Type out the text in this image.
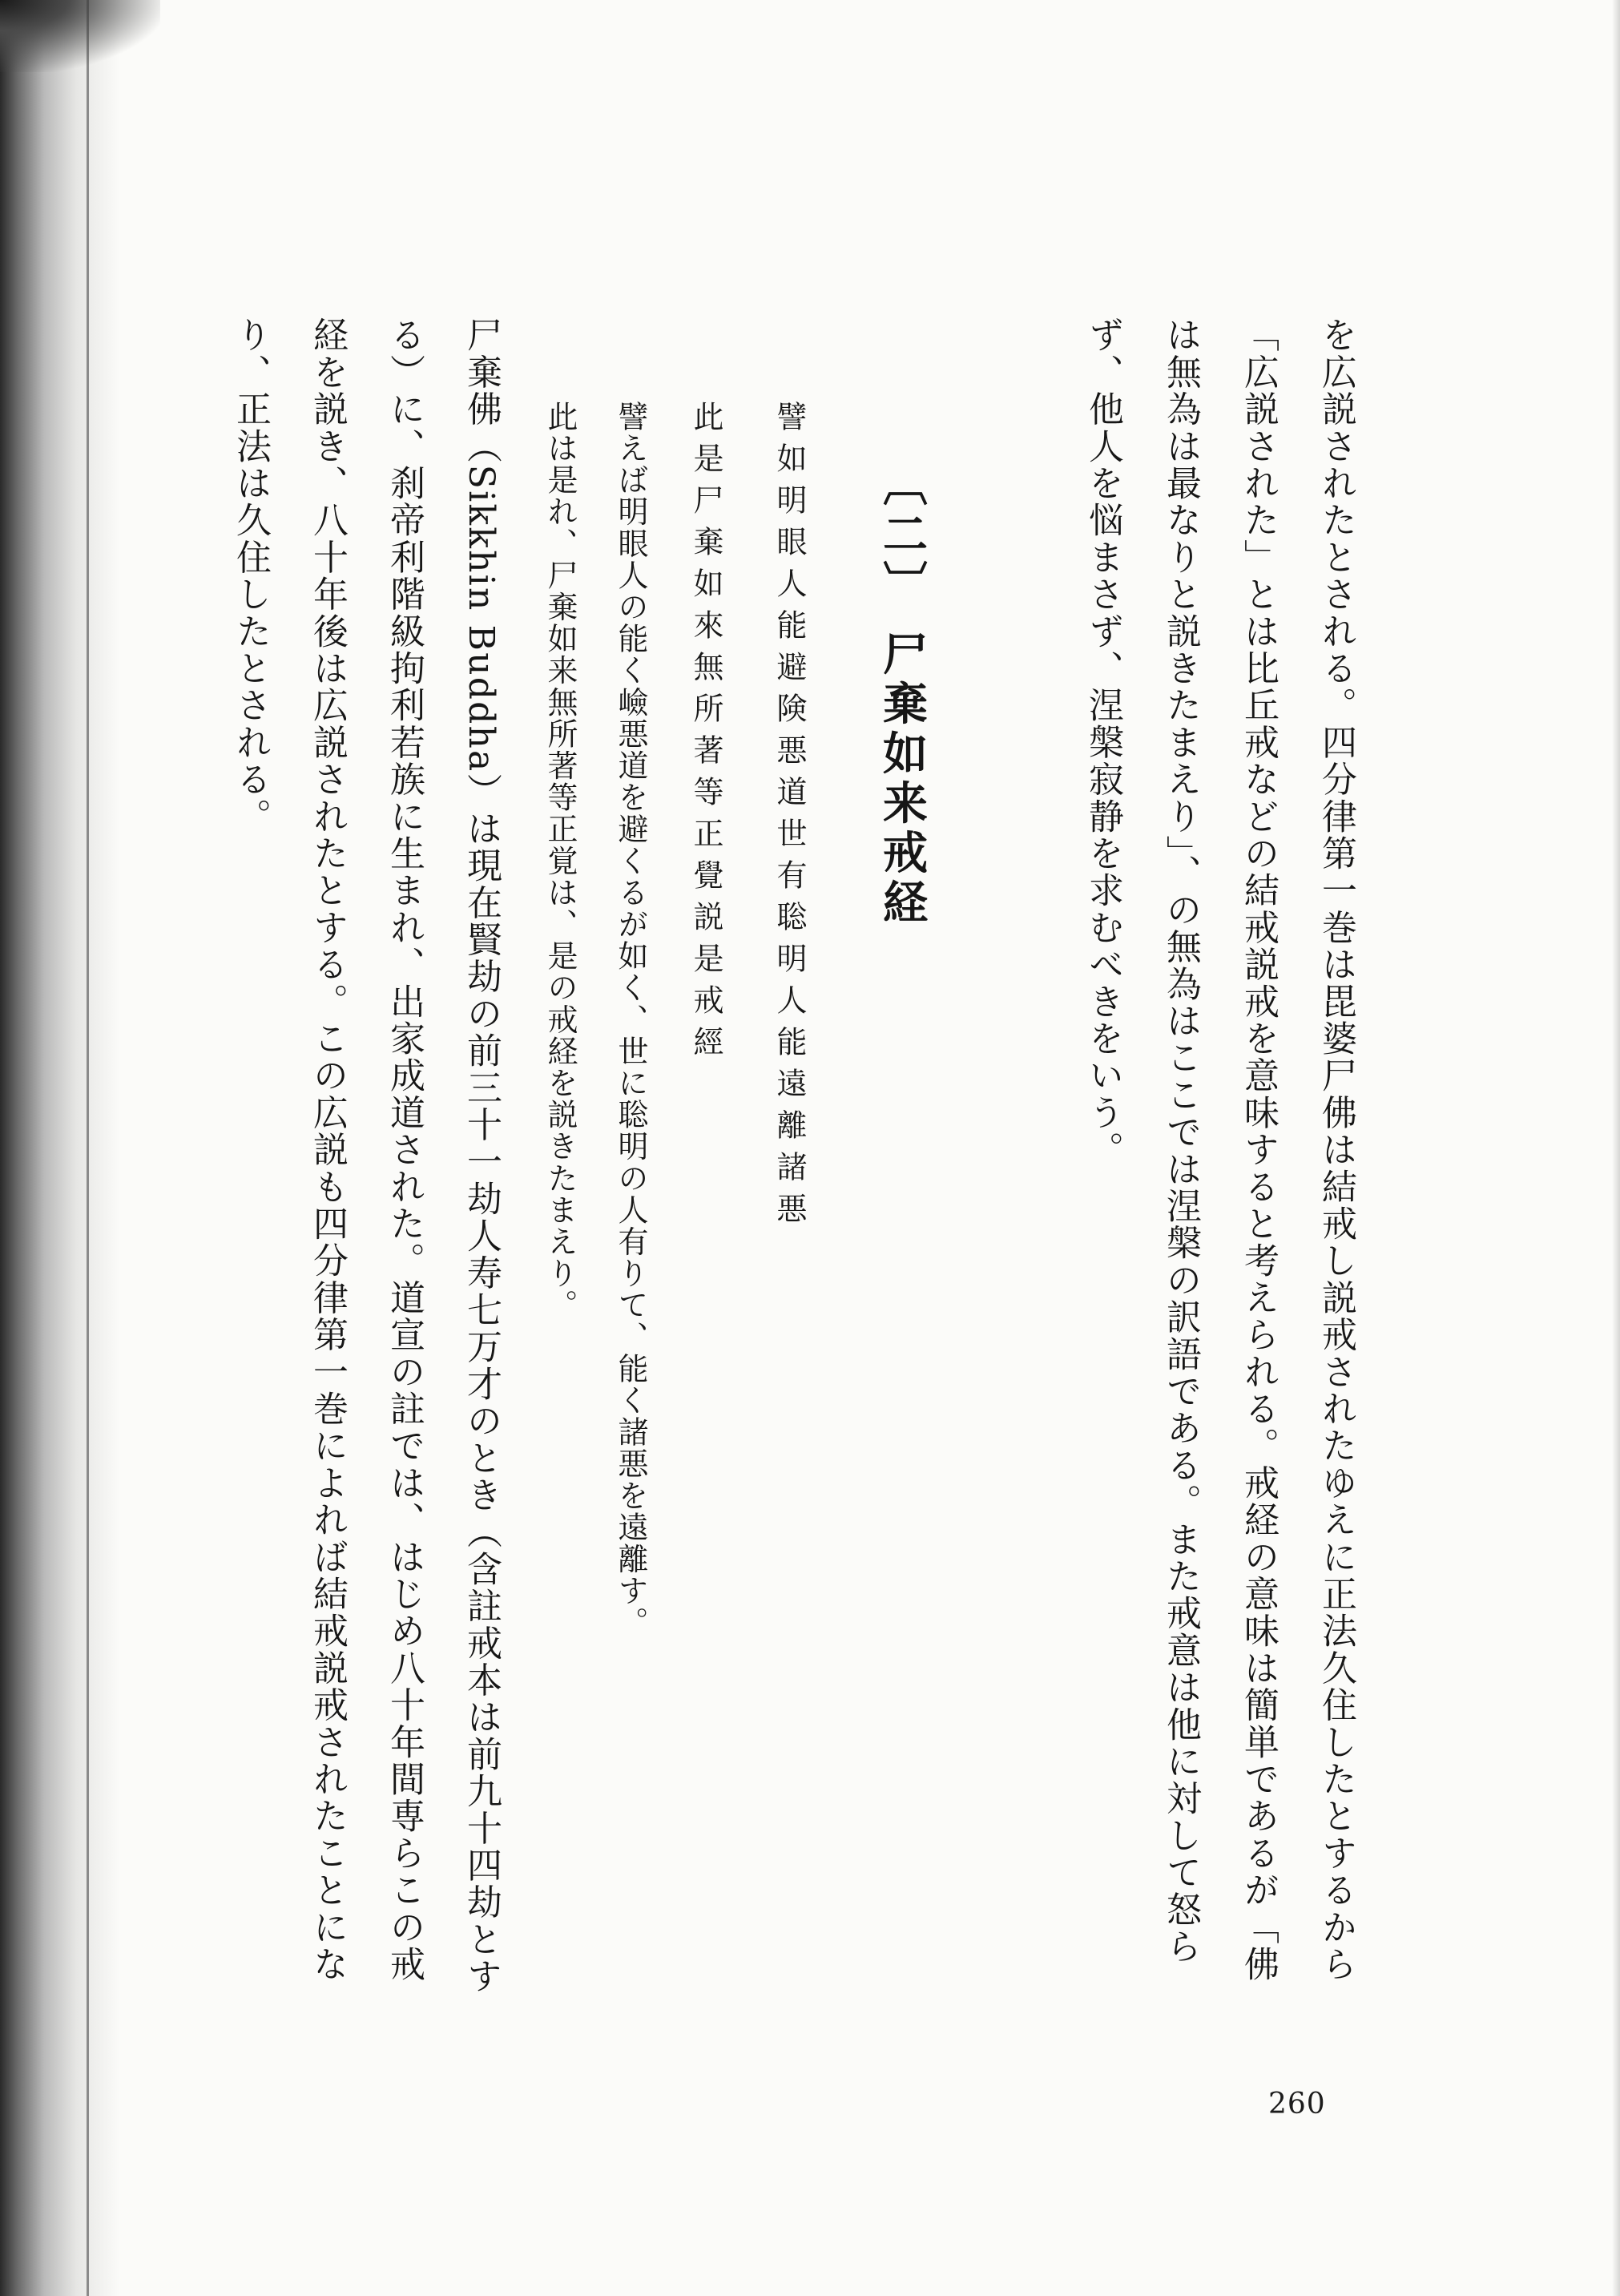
を広説されたとされる。四分律第一巻は毘婆尸佛は結戒し説戒されたゆえに正法久住したとするから

「広説された」とは比丘戒などの結戒説戒を意味すると考えられる。戒経の意味は簡単であるが「佛

は無為は最なりと説きたまえり」、の無為はここでは涅槃の訳語である。また戒意は他に対して怒ら

ず、他人を悩まさず、涅槃寂静を求むべきをいう。

〔二〕 尸棄如来戒経

譬如明眼人能避険悪道世有聡明人能遠離諸悪

此是尸棄如來無所著等正覺説是戒經

譬えば明眼人の能く嶮悪道を避くるが如く、世に聡明の人有りて、能く諸悪を遠離す。

此は是れ、尸棄如来無所著等正覚は、是の戒経を説きたまえり。

尸棄佛（Sikkhin Buddha）は現在賢劫の前三十一劫人寿七万才のとき（含註戒本は前九十四劫とす

る）に、刹帝利階級拘利若族に生まれ、出家成道された。道宣の註では、はじめ八十年間専らこの戒

経を説き、八十年後は広説されたとする。この広説も四分律第一巻によれば結戒説戒されたことにな

り、正法は久住したとされる。

260
